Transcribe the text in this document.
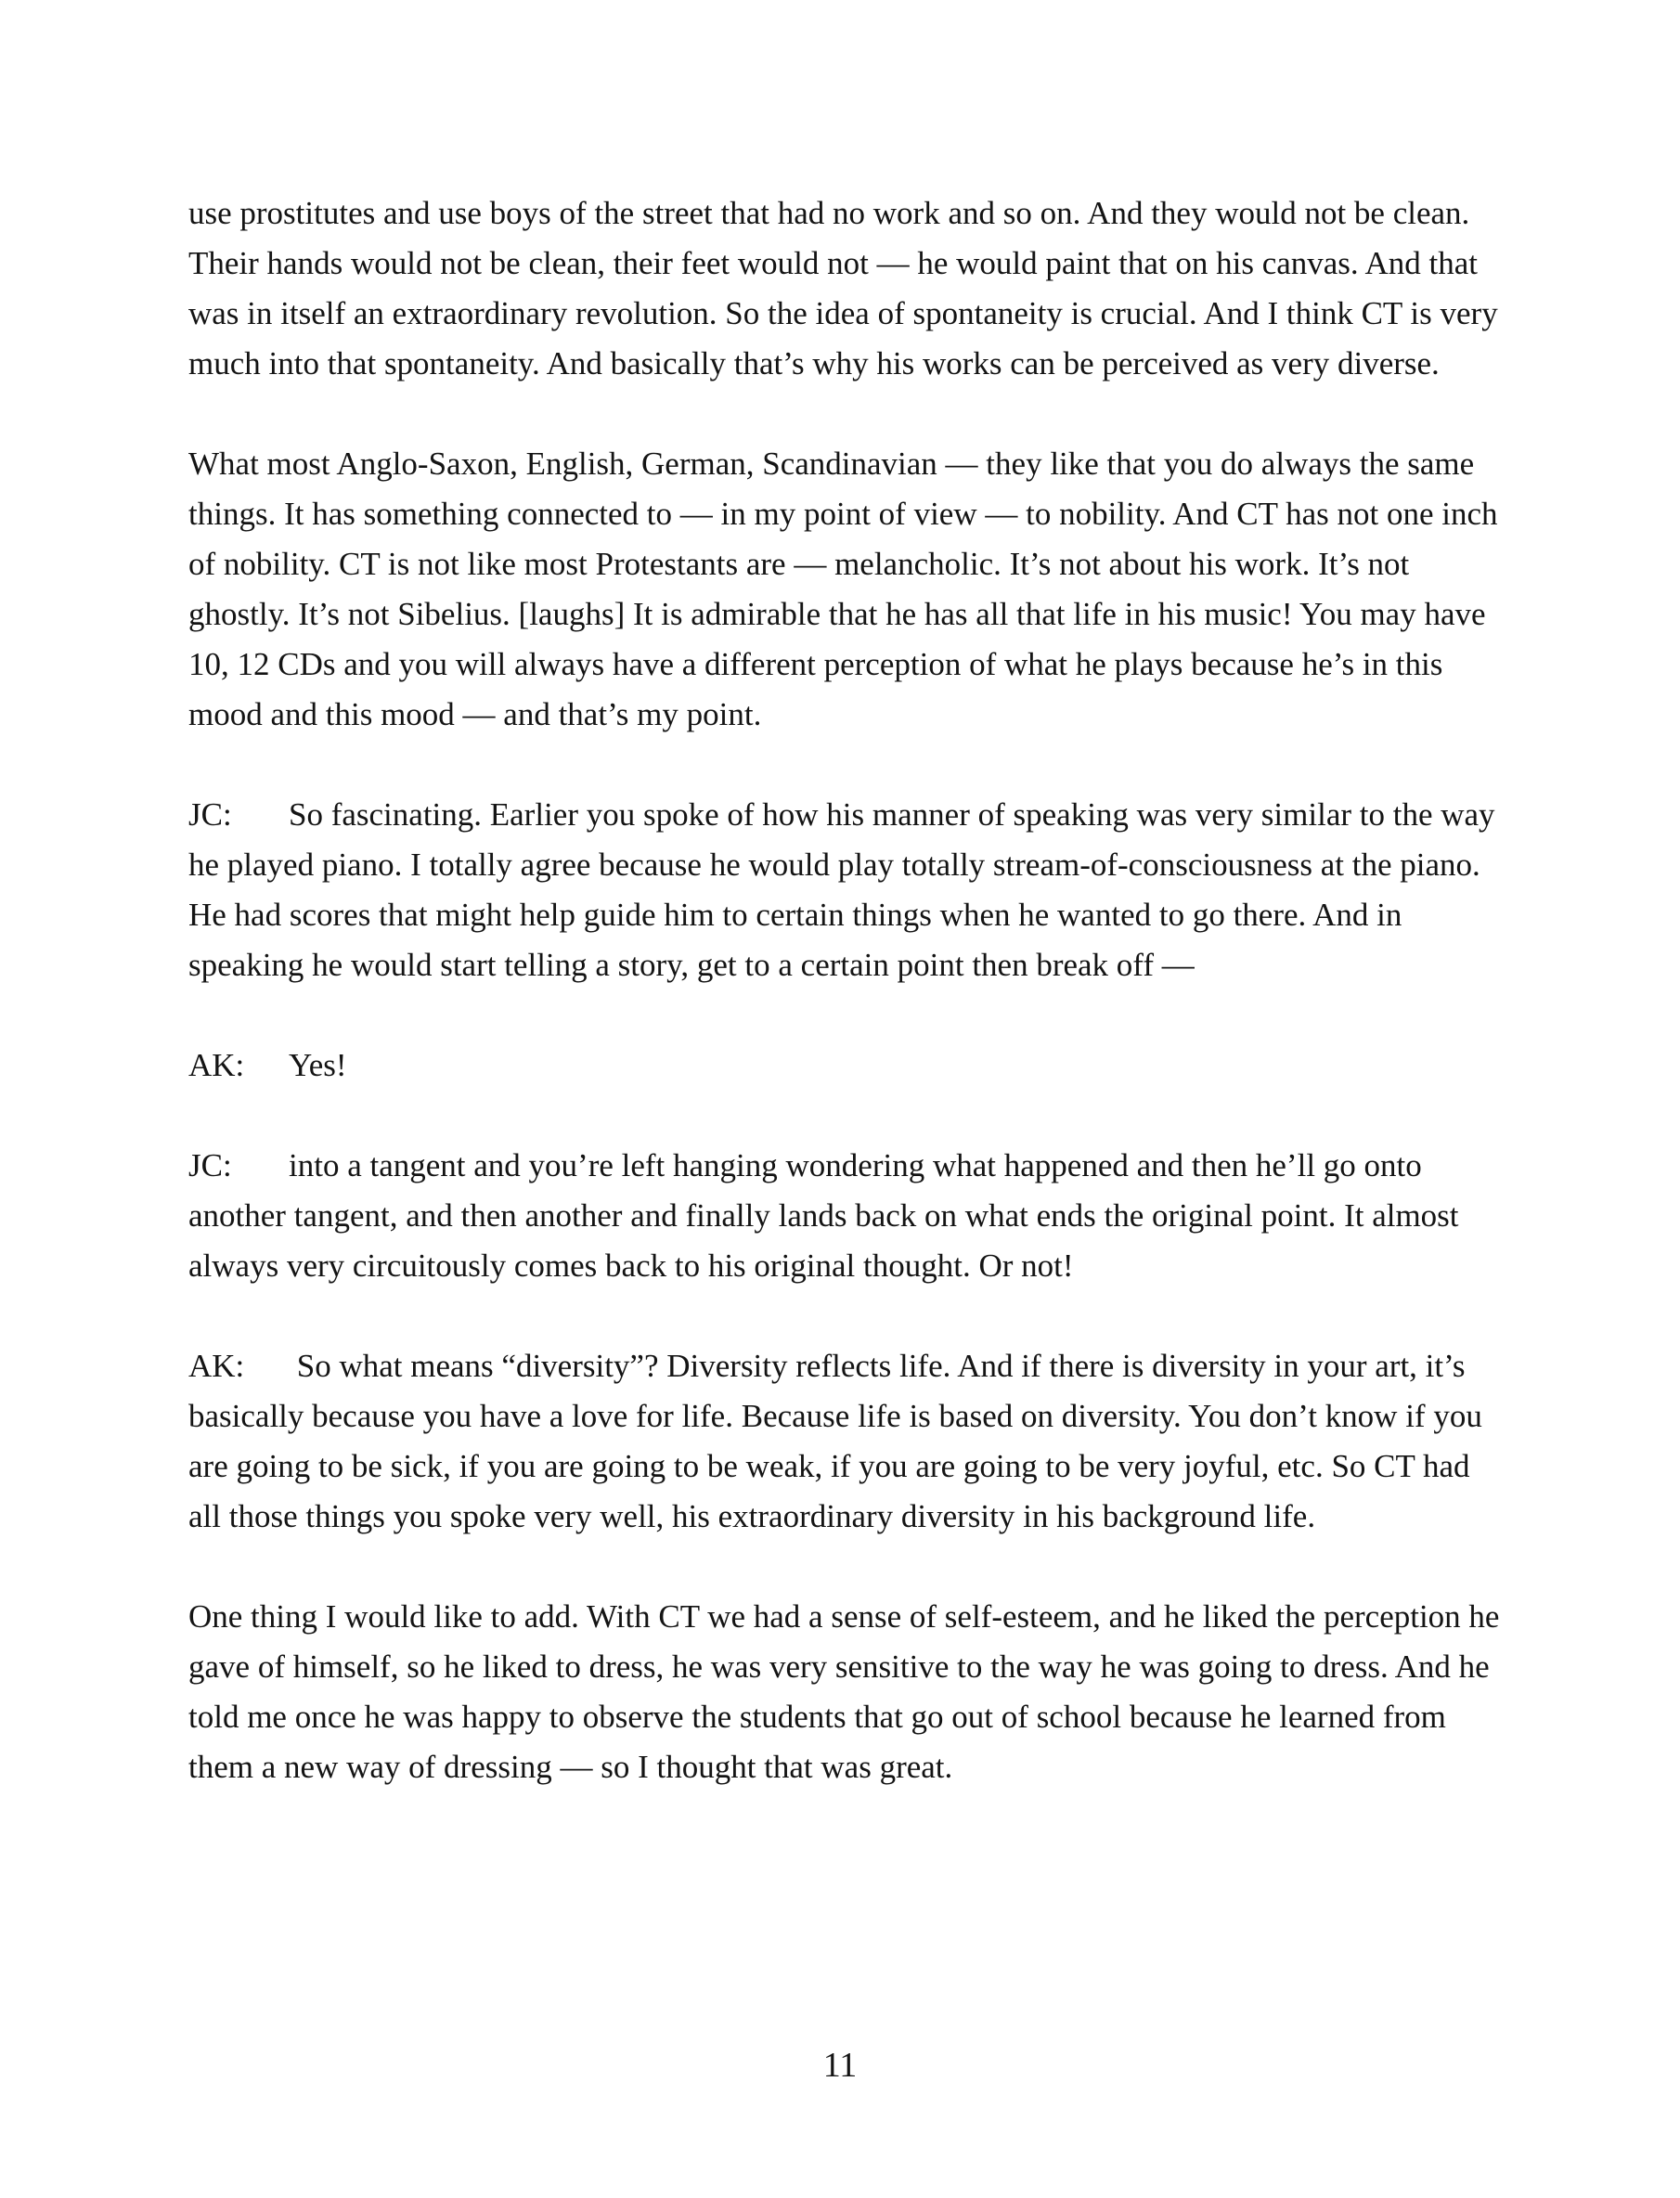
use prostitutes and use boys of the street that had no work and so on. And they would not be clean. Their hands would not be clean, their feet would not — he would paint that on his canvas. And that was in itself an extraordinary revolution. So the idea of spontaneity is crucial. And I think CT is very much into that spontaneity. And basically that’s why his works can be perceived as very diverse.

What most Anglo-Saxon, English, German, Scandinavian — they like that you do always the same things. It has something connected to — in my point of view — to nobility. And CT has not one inch of nobility. CT is not like most Protestants are — melancholic. It’s not about his work. It’s not ghostly. It’s not Sibelius. [laughs] It is admirable that he has all that life in his music! You may have 10, 12 CDs and you will always have a different perception of what he plays because he’s in this mood and this mood — and that’s my point.

JC: So fascinating. Earlier you spoke of how his manner of speaking was very similar to the way he played piano. I totally agree because he would play totally stream-of-consciousness at the piano. He had scores that might help guide him to certain things when he wanted to go there. And in speaking he would start telling a story, get to a certain point then break off —

AK: Yes!

JC: into a tangent and you’re left hanging wondering what happened and then he’ll go onto another tangent, and then another and finally lands back on what ends the original point. It almost always very circuitously comes back to his original thought. Or not!

AK: So what means “diversity”? Diversity reflects life. And if there is diversity in your art, it’s basically because you have a love for life. Because life is based on diversity. You don’t know if you are going to be sick, if you are going to be weak, if you are going to be very joyful, etc. So CT had all those things you spoke very well, his extraordinary diversity in his background life.

One thing I would like to add. With CT we had a sense of self-esteem, and he liked the perception he gave of himself, so he liked to dress, he was very sensitive to the way he was going to dress. And he told me once he was happy to observe the students that go out of school because he learned from them a new way of dressing — so I thought that was great.

11
